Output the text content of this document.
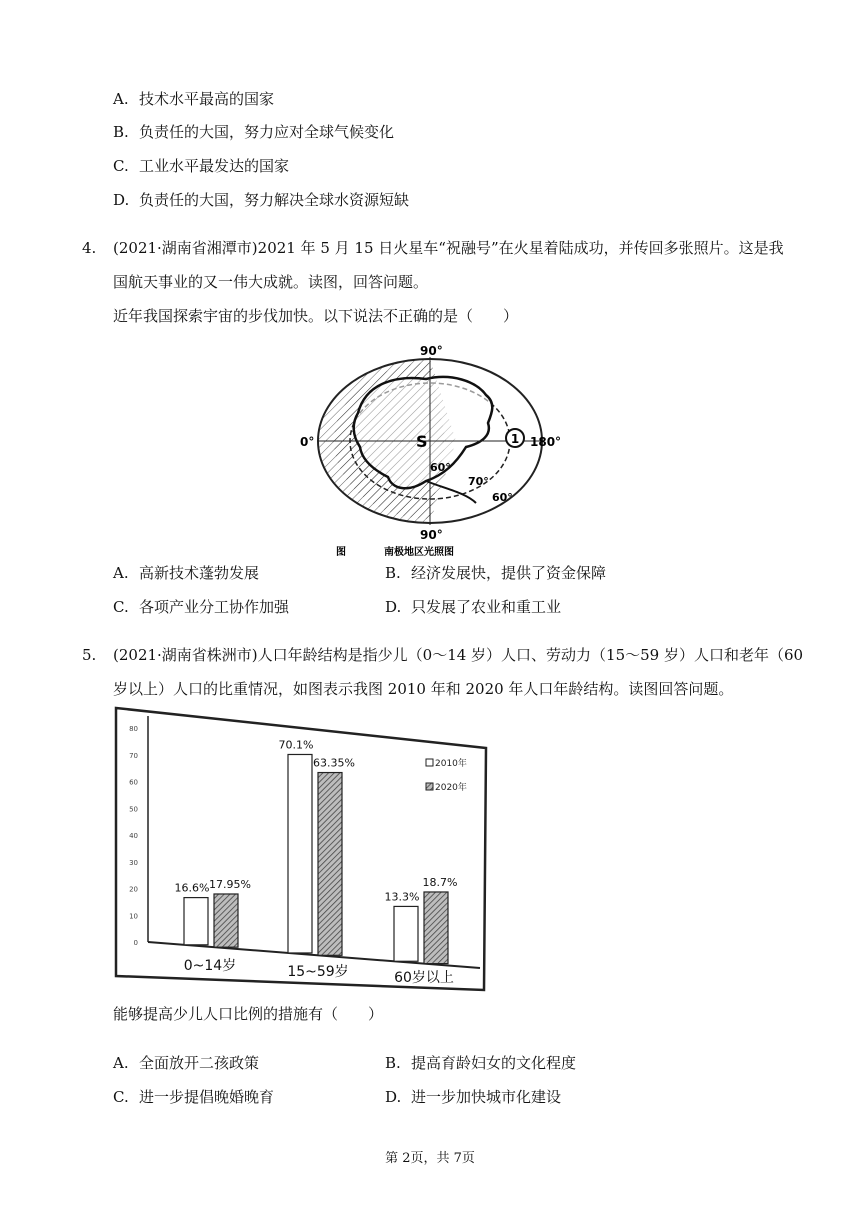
A. 技术水平最高的国家
B. 负责任的大国，努力应对全球气候变化
C. 工业水平最发达的国家
D. 负责任的大国，努力解决全球水资源短缺
4. (2021·湖南省湘潭市)2021 年 5 月 15 日火星车“祝融号”在火星着陆成功，并传回多张照片。这是我
国航天事业的又一伟大成就。读图，回答问题。
近年我国探索宇宙的步伐加快。以下说法不正确的是（　　）
1
90°
90°
0°	180°
S
60°
70°
60°
图	南极地区光照图
A. 高新技术蓬勃发展	B. 经济发展快，提供了资金保障
C. 各项产业分工协作加强	D. 只发展了农业和重工业
5. (2021·湖南省株洲市)人口年龄结构是指少儿（0～14 岁）人口、劳动力（15～59 岁）人口和老年（60
岁以上）人口的比重情况，如图表示我图 2010 年和 2020 年人口年龄结构。读图回答问题。
0
10
20
30
40
50
60
70
80
16.6% 17.95%
70.1%
63.35%
13.3%
18.7%
0~14岁	15~59岁	60岁以上
2010年
2020年
能够提高少儿人口比例的措施有（　　）
A. 全面放开二孩政策	B. 提高育龄妇女的文化程度
C. 进一步提倡晚婚晚育	D. 进一步加快城市化建设
第 2页，共 7页
